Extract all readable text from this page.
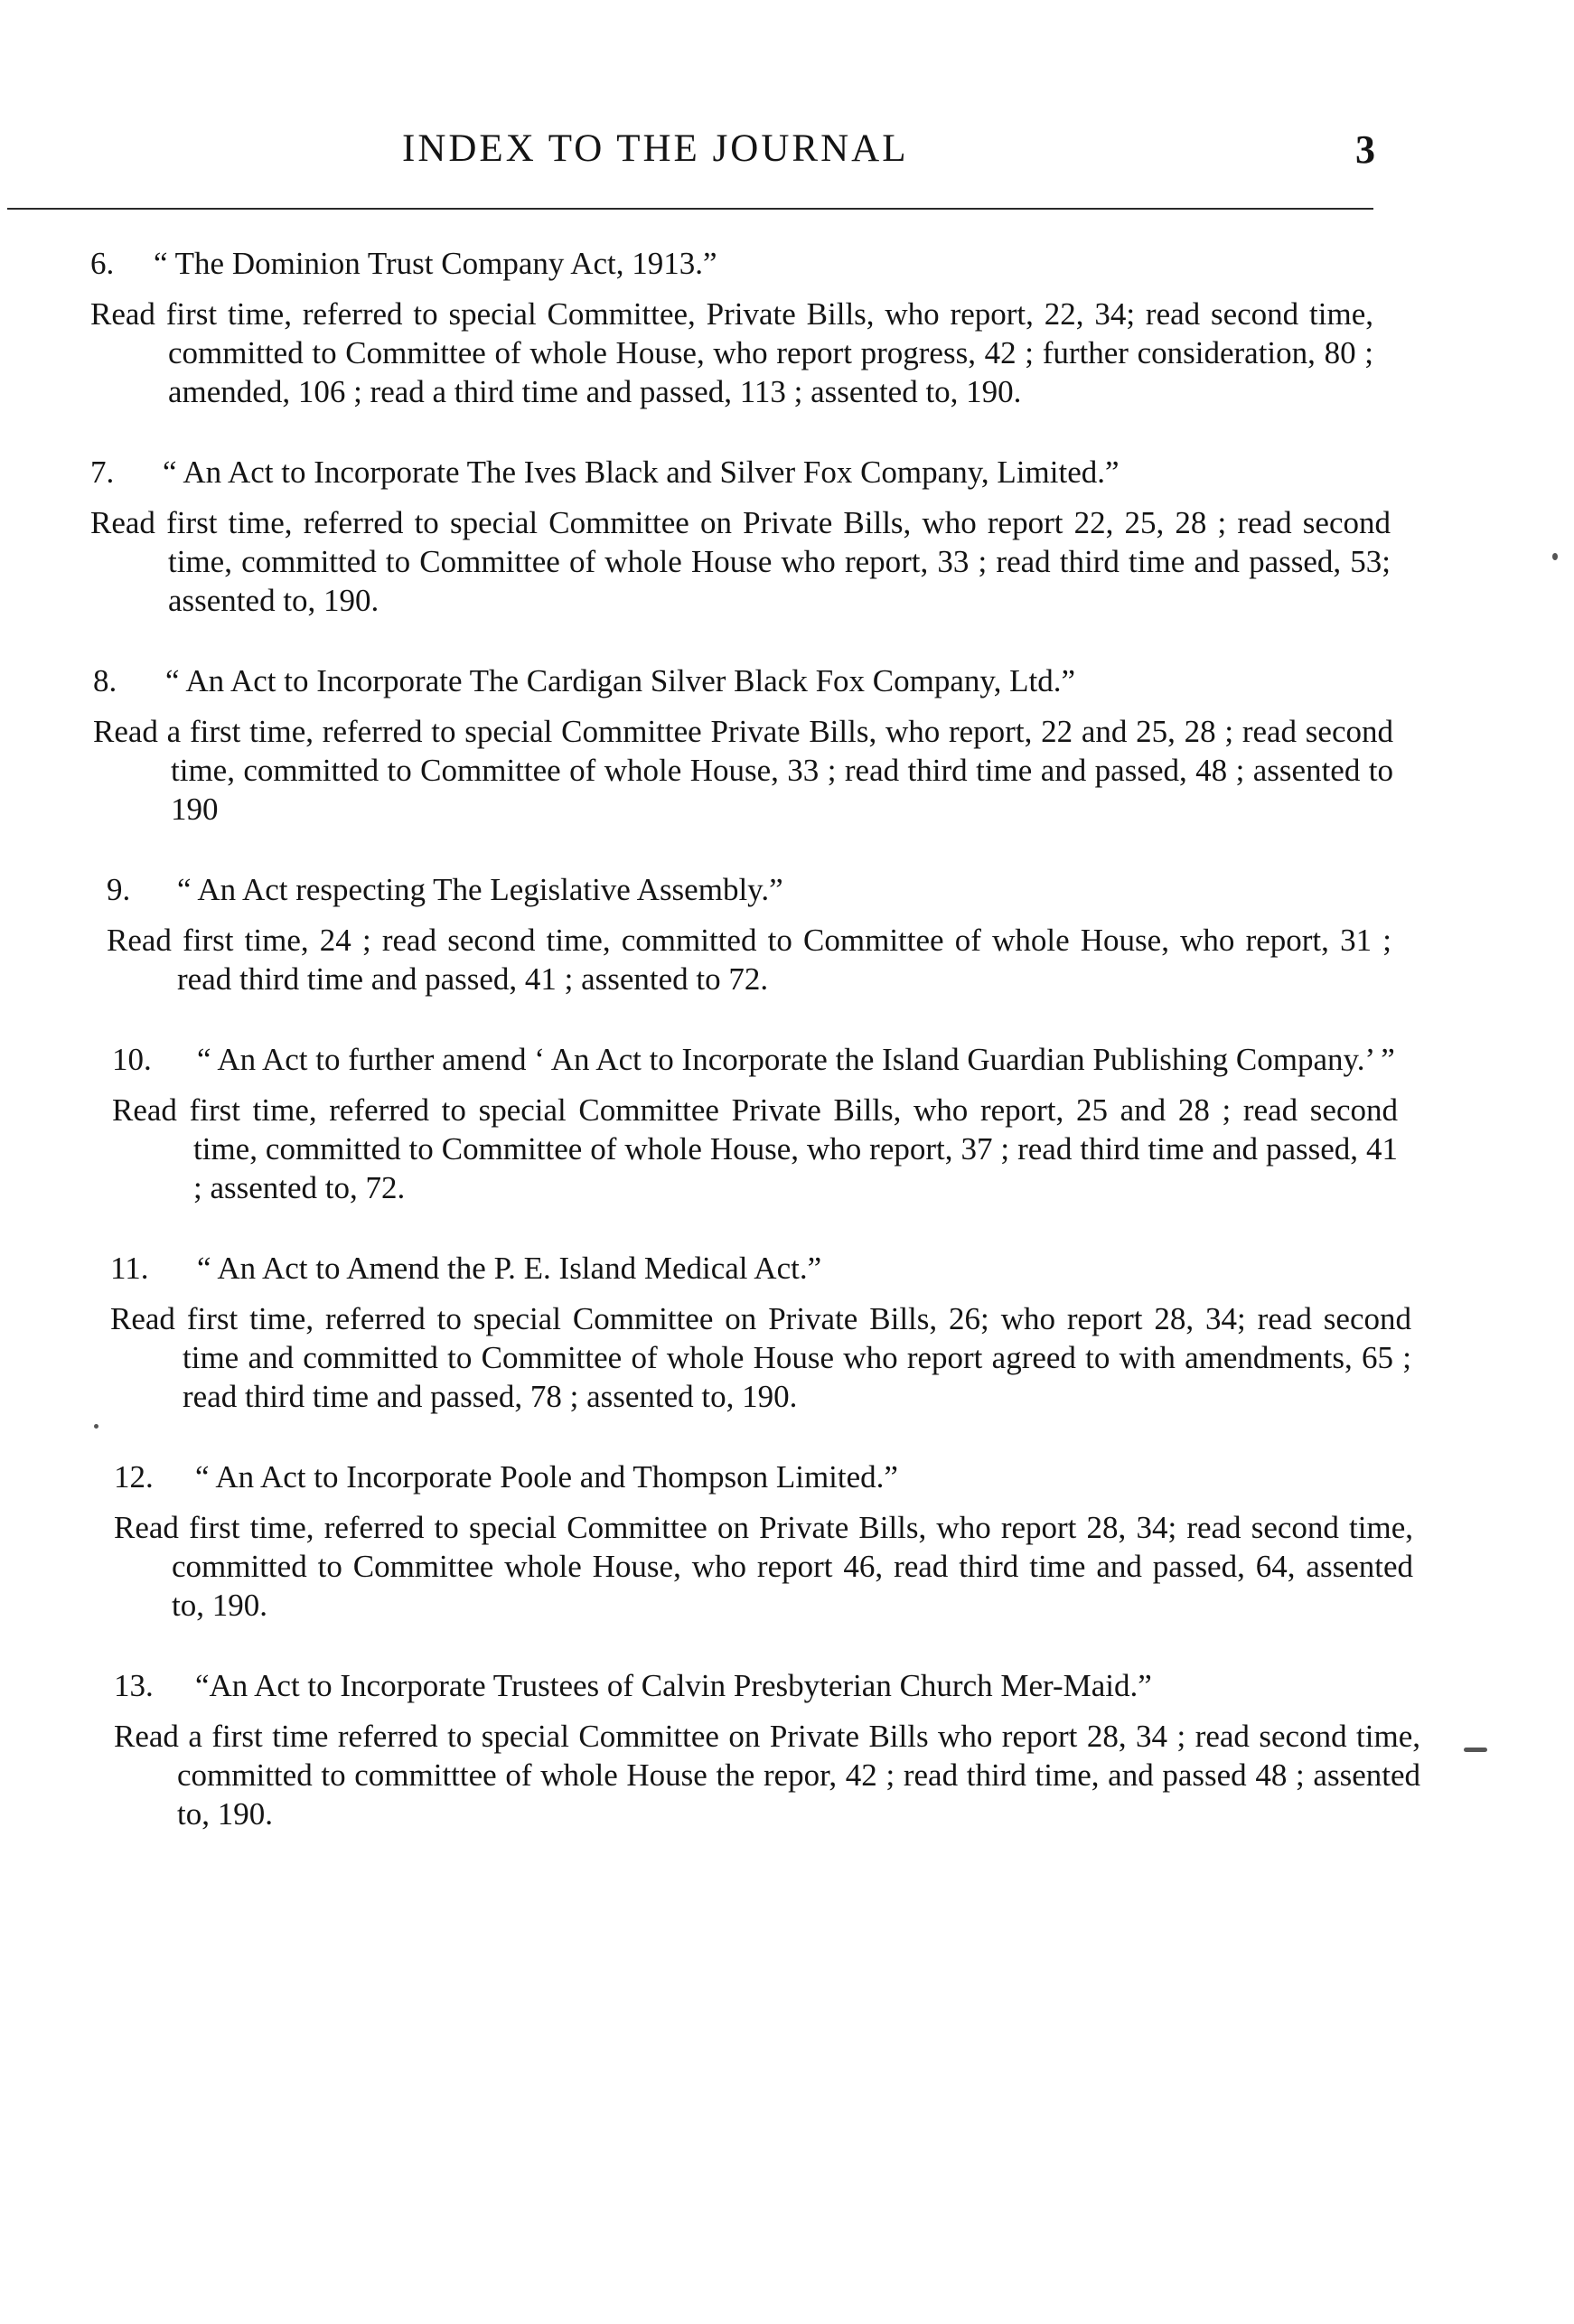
INDEX TO THE JOURNAL	3
6.	“ The Dominion Trust Company Act, 1913.”
Read first time, referred to special Committee, Private Bills, who report, 22, 34; read second time, committed to Committee of whole House, who report progress, 42 ; further consideration, 80 ; amended, 106 ; read a third time and passed, 113 ; assented to, 190.
7.	“ An Act to Incorporate The Ives Black and Silver Fox Company, Limited.”
Read first time, referred to special Committee on Private Bills, who report 22, 25, 28 ; read second time, committed to Committee of whole House who report, 33 ; read third time and passed, 53; assented to, 190.
8.	“ An Act to Incorporate The Cardigan Silver Black Fox Company, Ltd.”
Read a first time, referred to special Committee Private Bills, who report, 22 and 25, 28 ; read second time, committed to Committee of whole House, 33 ; read third time and passed, 48 ; assented to 190
9.	“ An Act respecting The Legislative Assembly.”
Read first time, 24 ; read second time, committed to Committee of whole House, who report, 31 ; read third time and passed, 41 ; assented to 72.
10.	“ An Act to further amend ‘ An Act to Incorporate the Island Guardian Publishing Company.’ ”
Read first time, referred to special Committee Private Bills, who report, 25 and 28 ; read second time, committed to Committee of whole House, who report, 37 ; read third time and passed, 41 ; assented to, 72.
11.	“ An Act to Amend the P. E. Island Medical Act.”
Read first time, referred to special Committee on Private Bills, 26; who report 28, 34; read second time and committed to Committee of whole House who report agreed to with amendments, 65 ; read third time and passed, 78 ; assented to, 190.
12.	“ An Act to Incorporate Poole and Thompson Limited.”
Read first time, referred to special Committee on Private Bills, who report 28, 34; read second time, committed to Committee whole House, who report 46, read third time and passed, 64, assented to, 190.
13.	“An Act to Incorporate Trustees of Calvin Presbyterian Church Mer-Maid.”
Read a first time referred to special Committee on Private Bills who report 28, 34 ; read second time, committed to committtee of whole House the repor, 42 ; read third time, and passed 48 ; assented to, 190.
